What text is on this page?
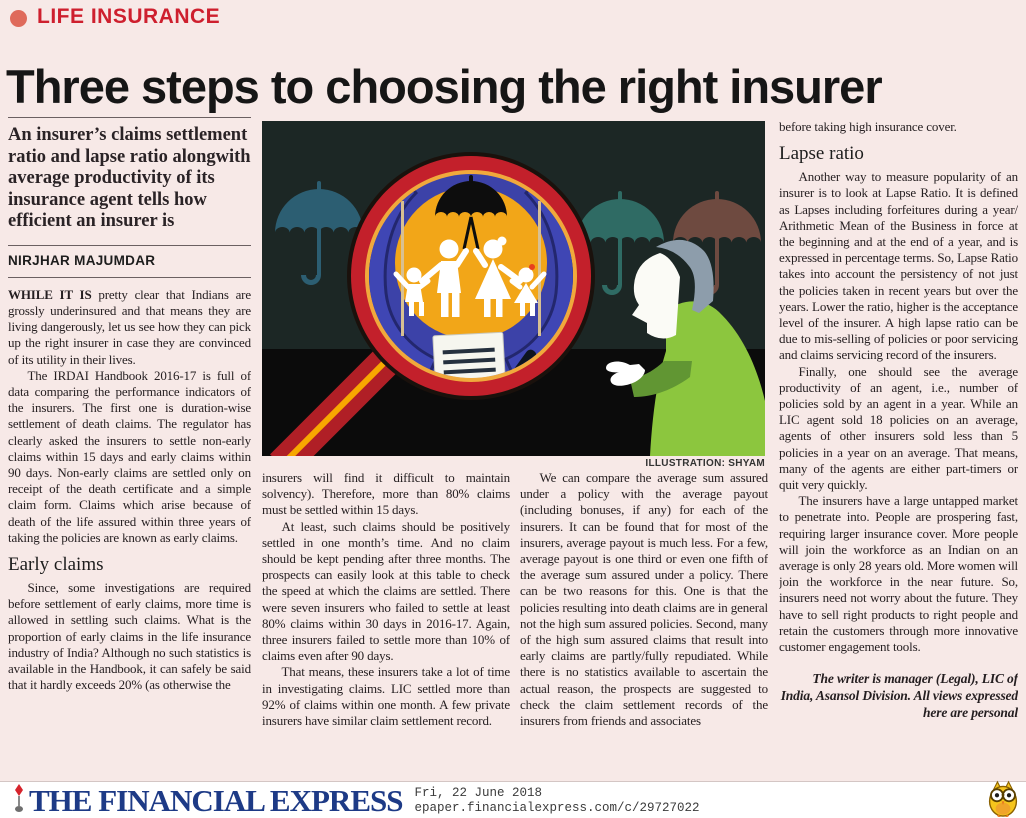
LIFE INSURANCE
Three steps to choosing the right insurer
An insurer’s claims settlement ratio and lapse ratio alongwith average productivity of its insurance agent tells how efficient an insurer is
NIRJHAR MAJUMDAR

WHILE IT IS pretty clear that Indians are grossly underinsured and that means they are living dangerously, let us see how they can pick up the right insurer in case they are convinced of its utility in their lives.

The IRDAI Handbook 2016-17 is full of data comparing the performance indicators of the insurers. The first one is duration-wise settlement of death claims. The regulator has clearly asked the insurers to settle non-early claims within 15 days and early claims within 90 days. Non-early claims are settled only on receipt of the death certificate and a simple claim form. Claims which arise because of death of the life assured within three years of taking the policies are known as early claims.

Early claims

Since, some investigations are required before settlement of early claims, more time is allowed in settling such claims. What is the proportion of early claims in the life insurance industry of India? Although no such statistics is available in the Handbook, it can safely be said that it hardly exceeds 20% (as otherwise the

ILLUSTRATION: SHYAM

insurers will find it difficult to maintain solvency). Therefore, more than 80% claims must be settled within 15 days.

At least, such claims should be positively settled in one month’s time. And no claim should be kept pending after three months. The prospects can easily look at this table to check the speed at which the claims are settled. There were seven insurers who failed to settle at least 80% claims within 30 days in 2016-17. Again, three insurers failed to settle more than 10% of claims even after 90 days.

That means, these insurers take a lot of time in investigating claims. LIC settled more than 92% of claims within one month. A few private insurers have similar claim settlement record.

We can compare the average sum assured under a policy with the average payout (including bonuses, if any) for each of the insurers. It can be found that for most of the insurers, average payout is much less. For a few, average payout is one third or even one fifth of the average sum assured under a policy. There can be two reasons for this. One is that the policies resulting into death claims are in general not the high sum assured policies. Second, many of the high sum assured claims that result into early claims are partly/fully repudiated. While there is no statistics available to ascertain the actual reason, the prospects are suggested to check the claim settlement records of the insurers from friends and associates

before taking high insurance cover.

Lapse ratio

Another way to measure popularity of an insurer is to look at Lapse Ratio. It is defined as Lapses including forfeitures during a year/ Arithmetic Mean of the Business in force at the beginning and at the end of a year, and is expressed in percentage terms. So, Lapse Ratio takes into account the persistency of not just the policies taken in recent years but over the years. Lower the ratio, higher is the acceptance level of the insurer. A high lapse ratio can be due to mis-selling of policies or poor servicing and claims servicing record of the insurers.

Finally, one should see the average productivity of an agent, i.e., number of policies sold by an agent in a year. While an LIC agent sold 18 policies on an average, agents of other insurers sold less than 5 policies in a year on an average. That means, many of the agents are either part-timers or quit very quickly.

The insurers have a large untapped market to penetrate into. People are prospering fast, requiring larger insurance cover. More people will join the workforce as an Indian on an average is only 28 years old. More women will join the workforce in the near future. So, insurers need not worry about the future. They have to sell right products to right people and retain the customers through more innovative customer engagement tools.

The writer is manager (Legal), LIC of India, Asansol Division. All views expressed here are personal
THE FINANCIAL EXPRESS Fri, 22 June 2018
epaper.financialexpress.com/c/29727022
